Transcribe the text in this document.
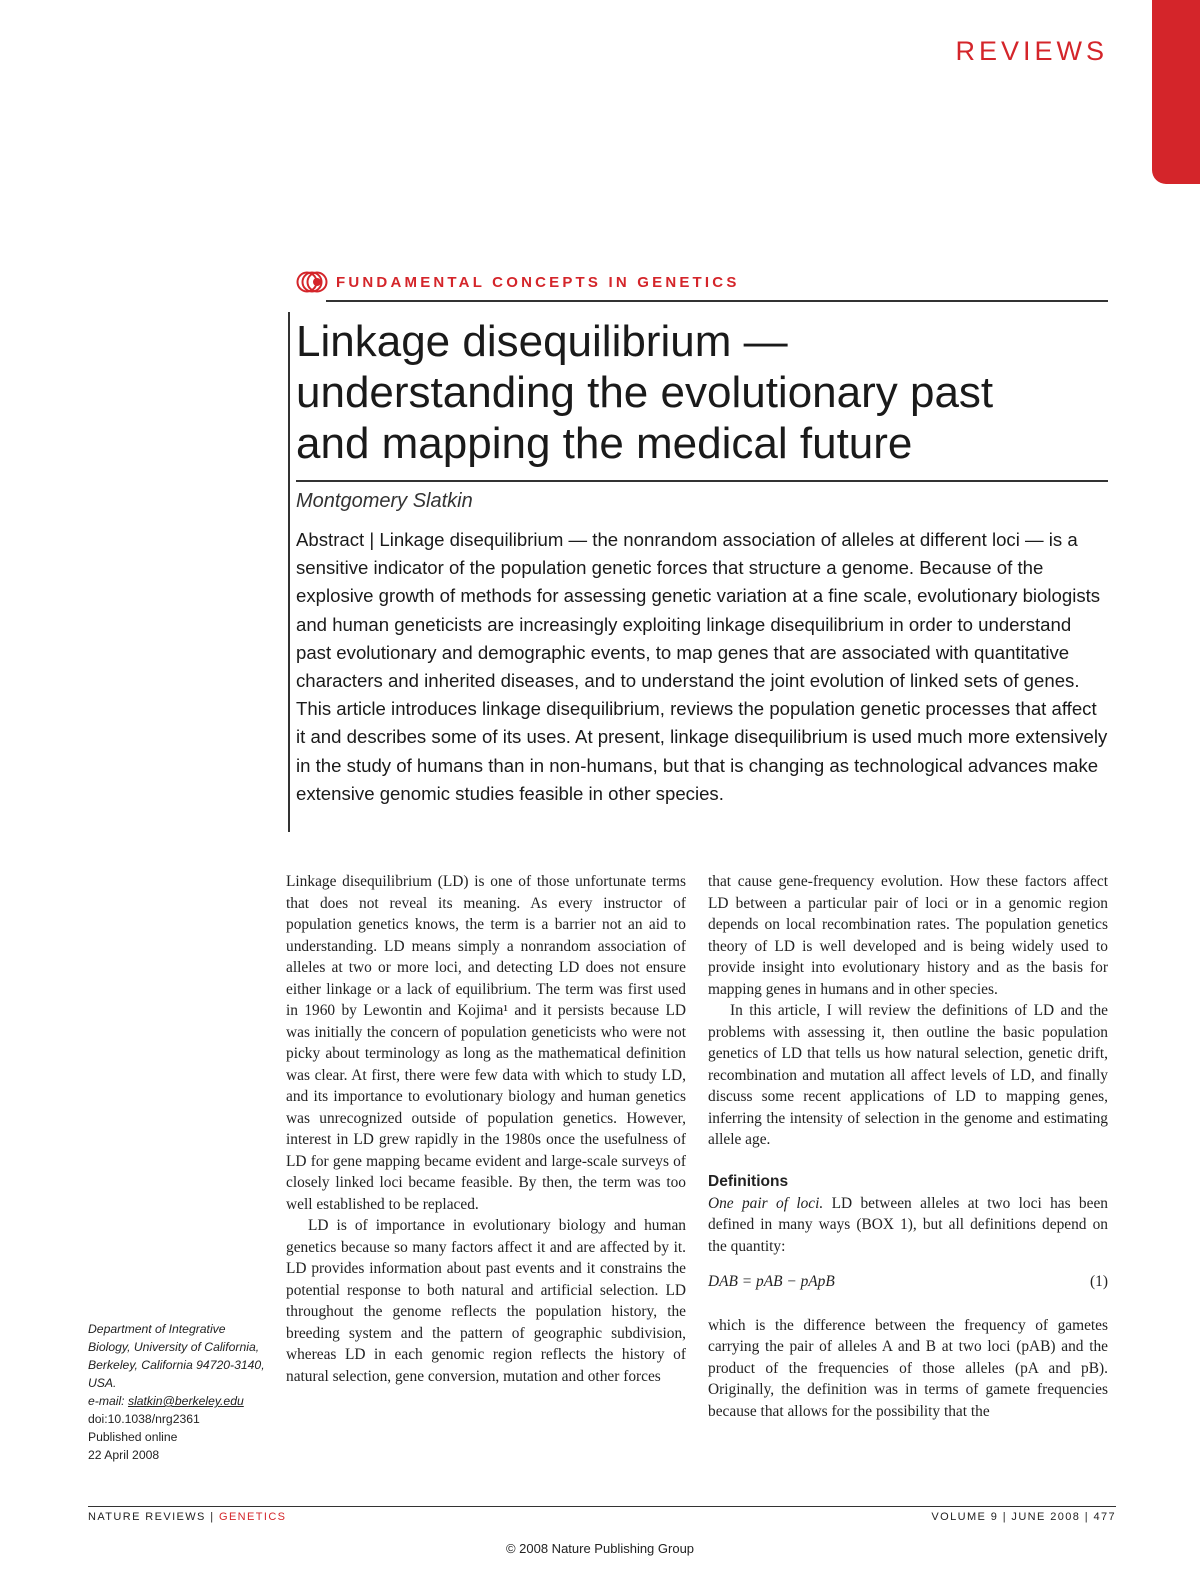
REVIEWS
FUNDAMENTAL CONCEPTS IN GENETICS
Linkage disequilibrium —
understanding the evolutionary past
and mapping the medical future
Montgomery Slatkin
Abstract | Linkage disequilibrium — the nonrandom association of alleles at different loci — is a sensitive indicator of the population genetic forces that structure a genome. Because of the explosive growth of methods for assessing genetic variation at a fine scale, evolutionary biologists and human geneticists are increasingly exploiting linkage disequilibrium in order to understand past evolutionary and demographic events, to map genes that are associated with quantitative characters and inherited diseases, and to understand the joint evolution of linked sets of genes. This article introduces linkage disequilibrium, reviews the population genetic processes that affect it and describes some of its uses. At present, linkage disequilibrium is used much more extensively in the study of humans than in non-humans, but that is changing as technological advances make extensive genomic studies feasible in other species.

Linkage disequilibrium (LD) is one of those unfortunate terms that does not reveal its meaning. As every instructor of population genetics knows, the term is a barrier not an aid to understanding. LD means simply a nonrandom association of alleles at two or more loci, and detecting LD does not ensure either linkage or a lack of equilibrium. The term was first used in 1960 by Lewontin and Kojima¹ and it persists because LD was initially the concern of population geneticists who were not picky about terminology as long as the mathematical definition was clear. At first, there were few data with which to study LD, and its importance to evolutionary biology and human genetics was unrecognized outside of population genetics. However, interest in LD grew rapidly in the 1980s once the usefulness of LD for gene mapping became evident and large-scale surveys of closely linked loci became feasible. By then, the term was too well established to be replaced.

LD is of importance in evolutionary biology and human genetics because so many factors affect it and are affected by it. LD provides information about past events and it constrains the potential response to both natural and artificial selection. LD throughout the genome reflects the population history, the breeding system and the pattern of geographic subdivision, whereas LD in each genomic region reflects the history of natural selection, gene conversion, mutation and other forces

that cause gene-frequency evolution. How these factors affect LD between a particular pair of loci or in a genomic region depends on local recombination rates. The population genetics theory of LD is well developed and is being widely used to provide insight into evolutionary history and as the basis for mapping genes in humans and in other species.

In this article, I will review the definitions of LD and the problems with assessing it, then outline the basic population genetics of LD that tells us how natural selection, genetic drift, recombination and mutation all affect levels of LD, and finally discuss some recent applications of LD to mapping genes, inferring the intensity of selection in the genome and estimating allele age.

Definitions

One pair of loci. LD between alleles at two loci has been defined in many ways (BOX 1), but all definitions depend on the quantity:

DAB = pAB − pApB	(1)

which is the difference between the frequency of gametes carrying the pair of alleles A and B at two loci (pAB) and the product of the frequencies of those alleles (pA and pB). Originally, the definition was in terms of gamete frequencies because that allows for the possibility that the

Department of Integrative Biology, University of California, Berkeley, California 94720-3140, USA.
e-mail: slatkin@berkeley.edu
doi:10.1038/nrg2361
Published online
22 April 2008
NATURE REVIEWS | GENETICS	VOLUME 9 | JUNE 2008 | 477
© 2008 Nature Publishing Group
